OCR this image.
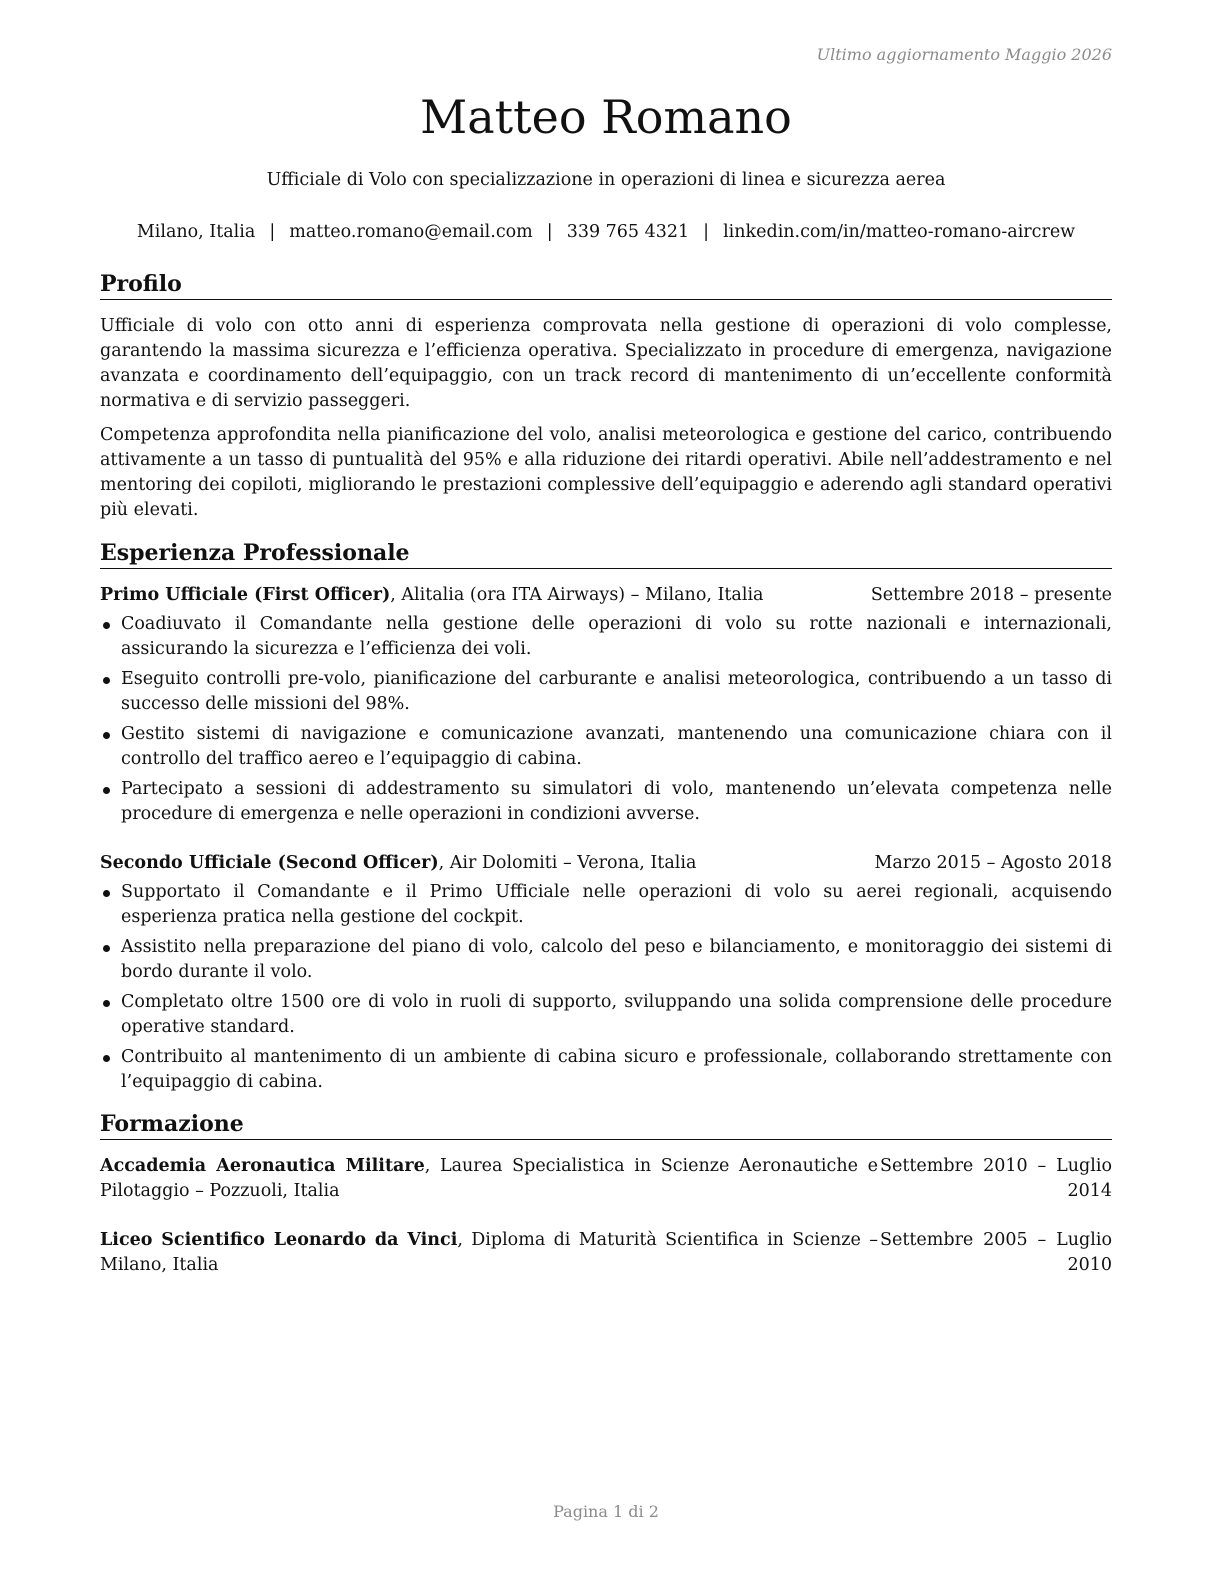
Ultimo aggiornamento Maggio 2026
Matteo Romano
Ufficiale di Volo con specializzazione in operazioni di linea e sicurezza aerea
Milano, Italia | matteo.romano@email.com | 339 765 4321 | linkedin.com/in/matteo-romano-aircrew
Profilo
Ufficiale di volo con otto anni di esperienza comprovata nella gestione di operazioni di volo complesse, garantendo la massima sicurezza e l’efficienza operativa. Specializzato in procedure di emergenza, navigazione avanzata e coordinamento dell’equipaggio, con un track record di mantenimento di un’eccellente conformità normativa e di servizio passeggeri.
Competenza approfondita nella pianificazione del volo, analisi meteorologica e gestione del carico, contribuendo attivamente a un tasso di puntualità del 95% e alla riduzione dei ritardi operativi. Abile nell’addestramento e nel mentoring dei copiloti, migliorando le prestazioni complessive dell’equipaggio e aderendo agli standard operativi più elevati.
Esperienza Professionale
Primo Ufficiale (First Officer), Alitalia (ora ITA Airways) – Milano, Italia	Settembre 2018 – presente
Coadiuvato il Comandante nella gestione delle operazioni di volo su rotte nazionali e internazionali, assicurando la sicurezza e l’efficienza dei voli.
Eseguito controlli pre-volo, pianificazione del carburante e analisi meteorologica, contribuendo a un tasso di successo delle missioni del 98%.
Gestito sistemi di navigazione e comunicazione avanzati, mantenendo una comunicazione chiara con il controllo del traffico aereo e l’equipaggio di cabina.
Partecipato a sessioni di addestramento su simulatori di volo, mantenendo un’elevata competenza nelle procedure di emergenza e nelle operazioni in condizioni avverse.
Secondo Ufficiale (Second Officer), Air Dolomiti – Verona, Italia	Marzo 2015 – Agosto 2018
Supportato il Comandante e il Primo Ufficiale nelle operazioni di volo su aerei regionali, acquisendo esperienza pratica nella gestione del cockpit.
Assistito nella preparazione del piano di volo, calcolo del peso e bilanciamento, e monitoraggio dei sistemi di bordo durante il volo.
Completato oltre 1500 ore di volo in ruoli di supporto, sviluppando una solida comprensione delle procedure operative standard.
Contribuito al mantenimento di un ambiente di cabina sicuro e professionale, collaborando strettamente con l’equipaggio di cabina.
Formazione
Accademia Aeronautica Militare, Laurea Specialistica in Scienze Aeronautiche e Pilotaggio – Pozzuoli, Italia
Settembre 2010 – Luglio 2014
Liceo Scientifico Leonardo da Vinci, Diploma di Maturità Scientifica in Scienze – Milano, Italia
Settembre 2005 – Luglio 2010
Pagina 1 di 2
